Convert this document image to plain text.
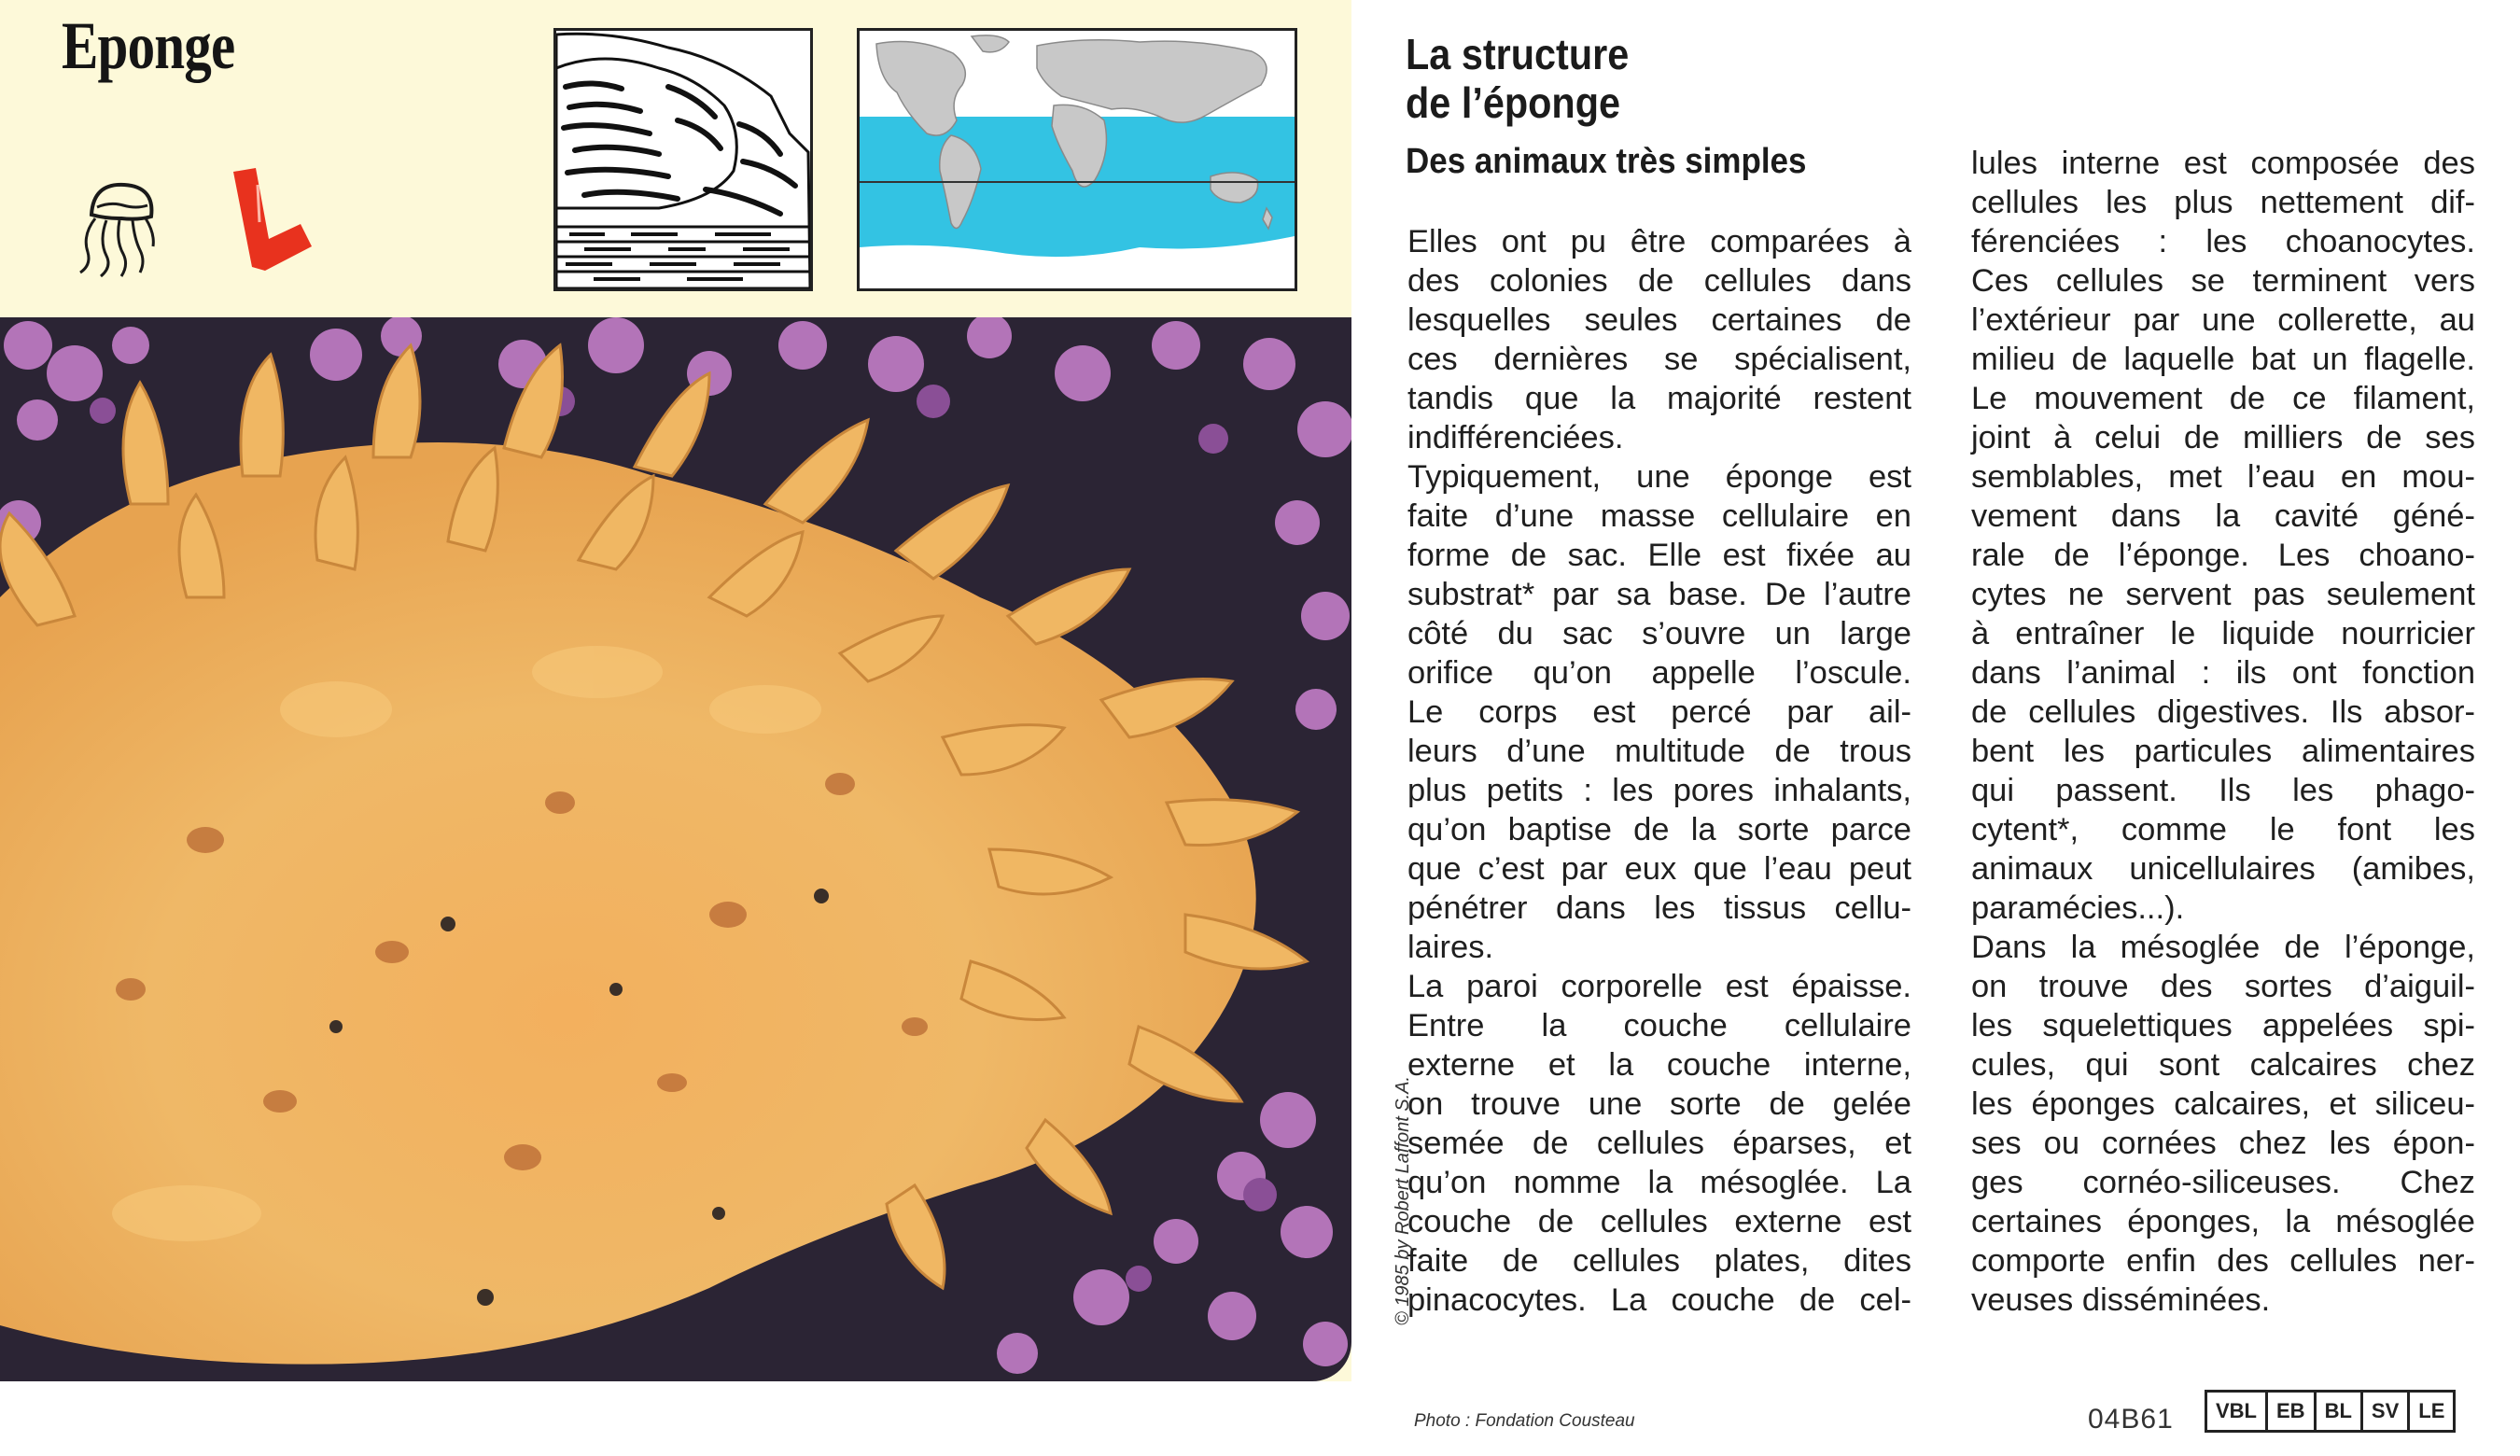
Eponge
© 1985 by Robert Laffont S.A.
La structure
de l’éponge
Des animaux très simples
Elles ont pu être comparées à
des colonies de cellules dans
lesquelles seules certaines de
ces dernières se spécialisent,
tandis que la majorité restent
indifférenciées.
Typiquement, une éponge est
faite d’une masse cellulaire en
forme de sac. Elle est fixée au
substrat* par sa base. De l’autre
côté du sac s’ouvre un large
orifice qu’on appelle l’oscule.
Le corps est percé par ail-
leurs d’une multitude de trous
plus petits : les pores inhalants,
qu’on baptise de la sorte parce
que c’est par eux que l’eau peut
pénétrer dans les tissus cellu-
laires.
La paroi corporelle est épaisse.
Entre la couche cellulaire
externe et la couche interne,
on trouve une sorte de gelée
semée de cellules éparses, et
qu’on nomme la mésoglée. La
couche de cellules externe est
faite de cellules plates, dites
pinacocytes. La couche de cel-
lules interne est composée des
cellules les plus nettement dif-
férenciées : les choanocytes.
Ces cellules se terminent vers
l’extérieur par une collerette, au
milieu de laquelle bat un flagelle.
Le mouvement de ce filament,
joint à celui de milliers de ses
semblables, met l’eau en mou-
vement dans la cavité géné-
rale de l’éponge. Les choano-
cytes ne servent pas seulement
à entraîner le liquide nourricier
dans l’animal : ils ont fonction
de cellules digestives. Ils absor-
bent les particules alimentaires
qui passent. Ils les phago-
cytent*, comme le font les
animaux unicellulaires (amibes,
paramécies...).
Dans la mésoglée de l’éponge,
on trouve des sortes d’aiguil-
les squelettiques appelées spi-
cules, qui sont calcaires chez
les éponges calcaires, et siliceu-
ses ou cornées chez les épon-
ges cornéo-siliceuses. Chez
certaines éponges, la mésoglée
comporte enfin des cellules ner-
veuses disséminées.
Photo : Fondation Cousteau	04B61	VBL EB BL SV LE
